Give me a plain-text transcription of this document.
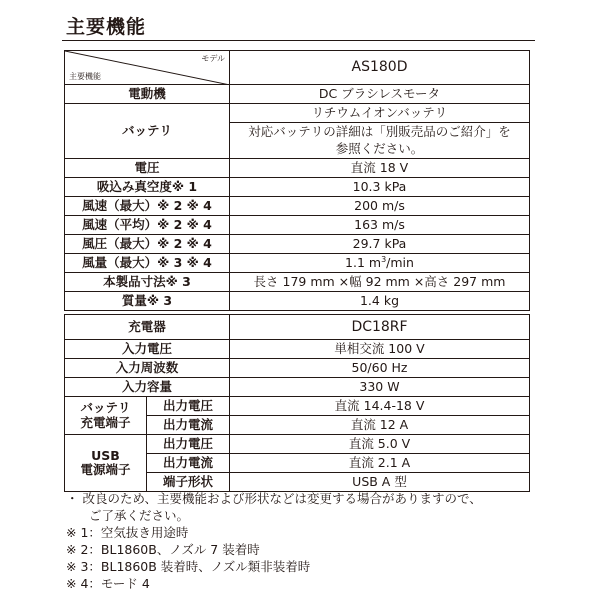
主要機能
モデル
主要機能	AS180D
電動機	DC ブラシレスモータ
バッテリ	リチウムイオンバッテリ
	対応バッテリの詳細は「別販売品のご紹介」を
	参照ください。
電圧	直流 18 V
吸込み真空度※ 1	10.3 kPa
風速（最大）※ 2 ※ 4	200 m/s
風速（平均）※ 2 ※ 4	163 m/s
風圧（最大）※ 2 ※ 4	29.7 kPa
風量（最大）※ 3 ※ 4	1.1 $m^3/\min$
本製品寸法※ 3	長さ 179 mm ×幅 92 mm ×高さ 297 mm
質量※ 3	1.4 kg
充電器		DC18RF
入力電圧		単相交流 100 V
入力周波数		50/60 Hz
入力容量		330 W

バッテリ
充電端子	出力電圧	直流 14.4-18 V
	出力電流	直流 12 A

USB
電源端子	出力電圧	直流 5.0 V
	出力電流	直流 2.1 A
	端子形状	USB A 型
・ 改良のため、主要機能および形状などは変更する場合がありますので、
ご了承ください。
※ 1：空気抜き用途時
※ 2：BL1860B、ノズル 7 装着時
※ 3：BL1860B 装着時、ノズル類非装着時
※ 4：モード 4
